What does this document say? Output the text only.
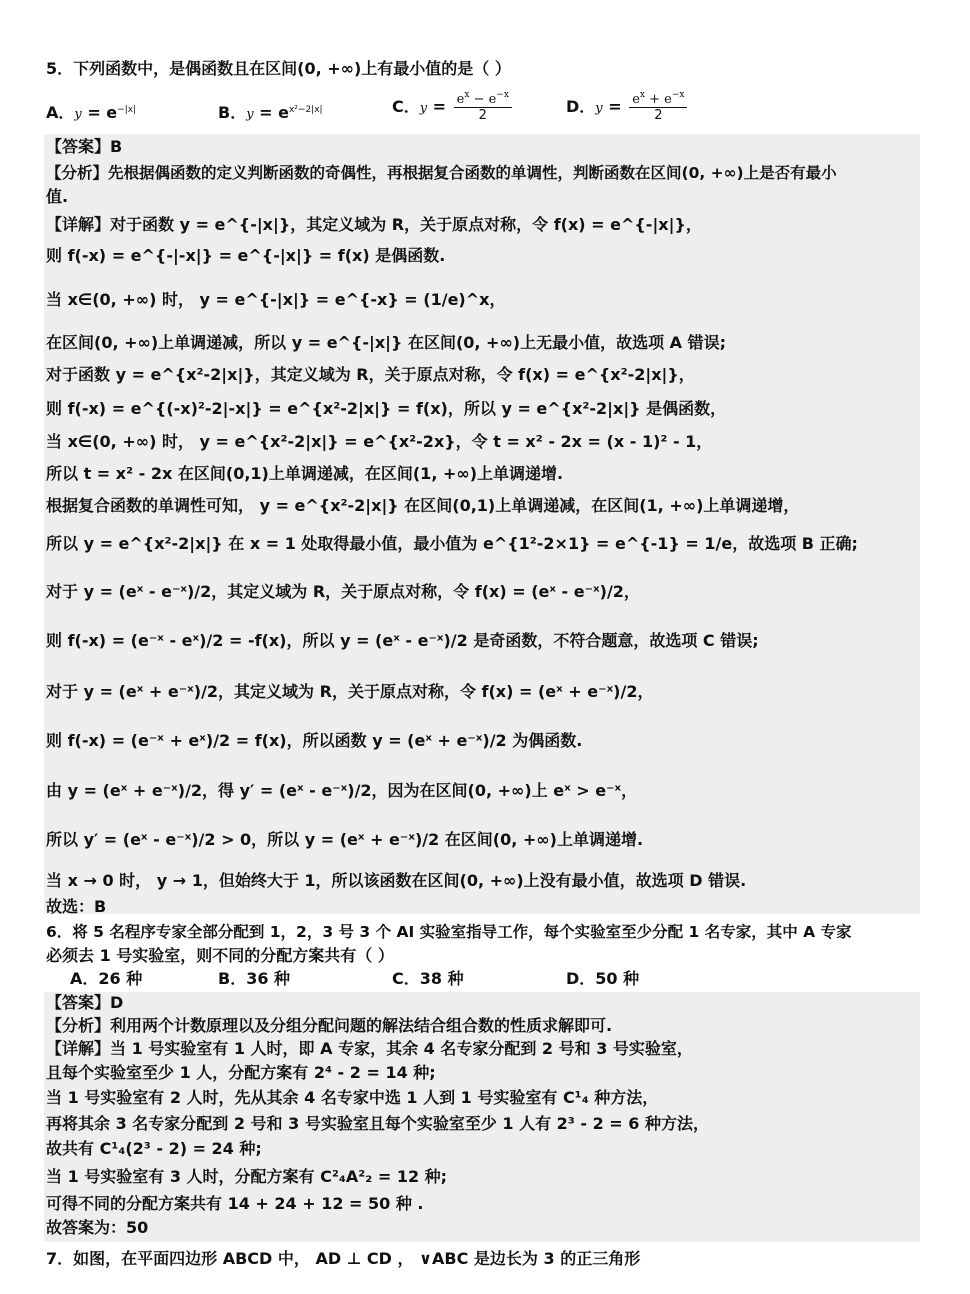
5．下列函数中，是偶函数且在区间(0, +∞)上有最小值的是（ ）
A．$y = e^{-|x|}$	B．$y = e^{x^2-2|x|}$	C．$y = \frac{e^x - e^{-x}}{2}$	D．$y = \frac{e^x + e^{-x}}{2}$
【答案】B
【分析】先根据偶函数的定义判断函数的奇偶性，再根据复合函数的单调性，判断函数在区间(0, +∞)上是否有最小
值.
【详解】对于函数 y = e^{-|x|}，其定义域为 R，关于原点对称，令 f(x) = e^{-|x|}，
则 f(-x) = e^{-|-x|} = e^{-|x|} = f(x) 是偶函数.
当 x∈(0, +∞) 时， y = e^{-|x|} = e^{-x} = (1/e)^x，
在区间(0, +∞)上单调递减，所以 y = e^{-|x|} 在区间(0, +∞)上无最小值，故选项 A 错误;
对于函数 y = e^{x²-2|x|}，其定义域为 R，关于原点对称，令 f(x) = e^{x²-2|x|}，
则 f(-x) = e^{(-x)²-2|-x|} = e^{x²-2|x|} = f(x)，所以 y = e^{x²-2|x|} 是偶函数，
当 x∈(0, +∞) 时， y = e^{x²-2|x|} = e^{x²-2x}，令 t = x² - 2x = (x - 1)² - 1，
所以 t = x² - 2x 在区间(0,1)上单调递减，在区间(1, +∞)上单调递增.
根据复合函数的单调性可知， y = e^{x²-2|x|} 在区间(0,1)上单调递减，在区间(1, +∞)上单调递增，
所以 y = e^{x²-2|x|} 在 x = 1 处取得最小值，最小值为 e^{1²-2×1} = e^{-1} = 1/e，故选项 B 正确;
对于 y = (eˣ - e⁻ˣ)/2，其定义域为 R，关于原点对称，令 f(x) = (eˣ - e⁻ˣ)/2，
则 f(-x) = (e⁻ˣ - eˣ)/2 = -f(x)，所以 y = (eˣ - e⁻ˣ)/2 是奇函数，不符合题意，故选项 C 错误;
对于 y = (eˣ + e⁻ˣ)/2，其定义域为 R，关于原点对称，令 f(x) = (eˣ + e⁻ˣ)/2，
则 f(-x) = (e⁻ˣ + eˣ)/2 = f(x)，所以函数 y = (eˣ + e⁻ˣ)/2 为偶函数.
由 y = (eˣ + e⁻ˣ)/2，得 y′ = (eˣ - e⁻ˣ)/2，因为在区间(0, +∞)上 eˣ > e⁻ˣ，
所以 y′ = (eˣ - e⁻ˣ)/2 > 0，所以 y = (eˣ + e⁻ˣ)/2 在区间(0, +∞)上单调递增.
当 x → 0 时， y → 1，但始终大于 1，所以该函数在区间(0, +∞)上没有最小值，故选项 D 错误.
故选：B
6．将 5 名程序专家全部分配到 1，2，3 号 3 个 AI 实验室指导工作，每个实验室至少分配 1 名专家，其中 A 专家
必须去 1 号实验室，则不同的分配方案共有（ ）
A．26 种	B．36 种	C．38 种	D．50 种
【答案】D
【分析】利用两个计数原理以及分组分配问题的解法结合组合数的性质求解即可.
【详解】当 1 号实验室有 1 人时，即 A 专家，其余 4 名专家分配到 2 号和 3 号实验室，
且每个实验室至少 1 人，分配方案有 2⁴ - 2 = 14 种;
当 1 号实验室有 2 人时，先从其余 4 名专家中选 1 人到 1 号实验室有 C¹₄ 种方法，
再将其余 3 名专家分配到 2 号和 3 号实验室且每个实验室至少 1 人有 2³ - 2 = 6 种方法，
故共有 C¹₄(2³ - 2) = 24 种;
当 1 号实验室有 3 人时，分配方案有 C²₄A²₂ = 12 种;
可得不同的分配方案共有 14 + 24 + 12 = 50 种 .
故答案为：50
7．如图，在平面四边形 ABCD 中， AD ⊥ CD ， ∨ABC 是边长为 3 的正三角形
